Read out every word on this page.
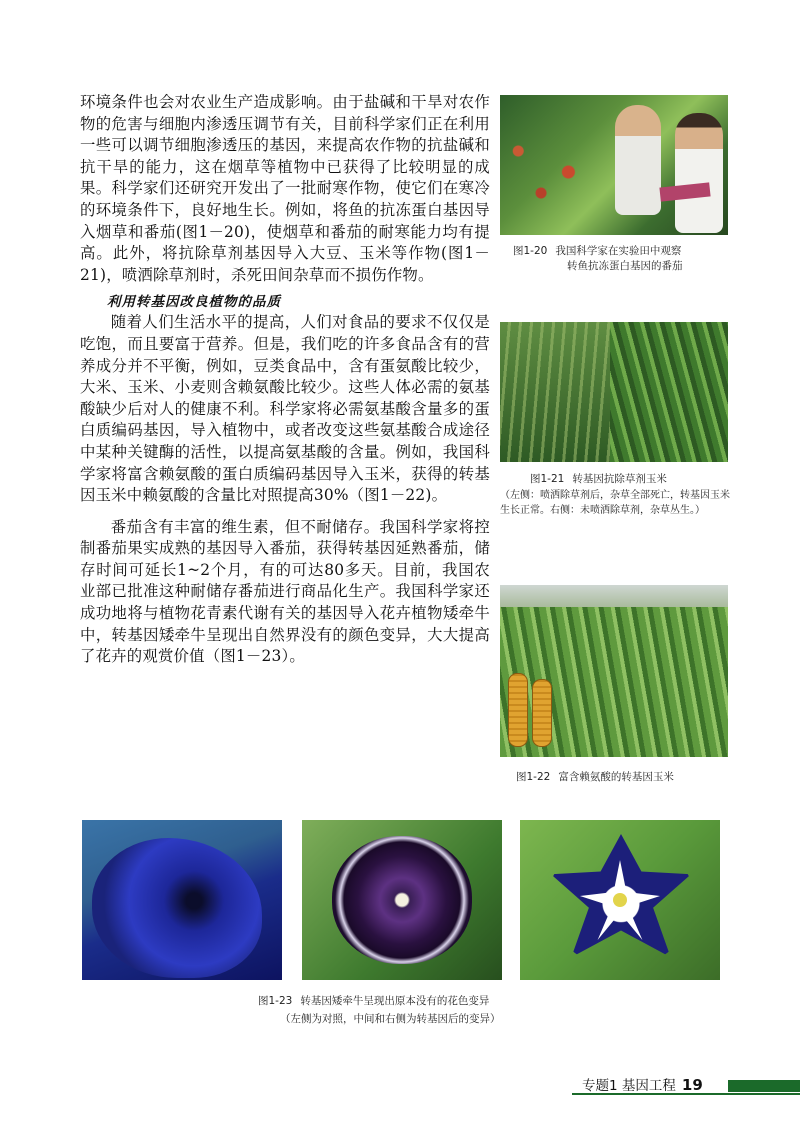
环境条件也会对农业生产造成影响。由于盐碱和干旱对农作物的危害与细胞内渗透压调节有关，目前科学家们正在利用一些可以调节细胞渗透压的基因，来提高农作物的抗盐碱和抗干旱的能力，这在烟草等植物中已获得了比较明显的成果。科学家们还研究开发出了一批耐寒作物，使它们在寒冷的环境条件下，良好地生长。例如，将鱼的抗冻蛋白基因导入烟草和番茄(图1－20)，使烟草和番茄的耐寒能力均有提高。此外，将抗除草剂基因导入大豆、玉米等作物(图1－21)，喷洒除草剂时，杀死田间杂草而不损伤作物。

利用转基因改良植物的品质

随着人们生活水平的提高，人们对食品的要求不仅仅是吃饱，而且要富于营养。但是，我们吃的许多食品含有的营养成分并不平衡，例如，豆类食品中，含有蛋氨酸比较少，大米、玉米、小麦则含赖氨酸比较少。这些人体必需的氨基酸缺少后对人的健康不利。科学家将必需氨基酸含量多的蛋白质编码基因，导入植物中，或者改变这些氨基酸合成途径中某种关键酶的活性，以提高氨基酸的含量。例如，我国科学家将富含赖氨酸的蛋白质编码基因导入玉米，获得的转基因玉米中赖氨酸的含量比对照提高30%（图1－22)。

番茄含有丰富的维生素，但不耐储存。我国科学家将控制番茄果实成熟的基因导入番茄，获得转基因延熟番茄，储存时间可延长1~2个月，有的可达80多天。目前，我国农业部已批准这种耐储存番茄进行商品化生产。我国科学家还成功地将与植物花青素代谢有关的基因导入花卉植物矮牵牛中，转基因矮牵牛呈现出自然界没有的颜色变异，大大提高了花卉的观赏价值（图1－23）。

图1-20 我国科学家在实验田中观察
转鱼抗冻蛋白基因的番茄
图1-21 转基因抗除草剂玉米
（左侧：喷洒除草剂后，杂草全部死亡，转基因玉米生长正常。右侧：未喷洒除草剂，杂草丛生。）
图1-22 富含赖氨酸的转基因玉米
图1-23 转基因矮牵牛呈现出原本没有的花色变异
（左侧为对照，中间和右侧为转基因后的变异）
专题1 基因工程 19
